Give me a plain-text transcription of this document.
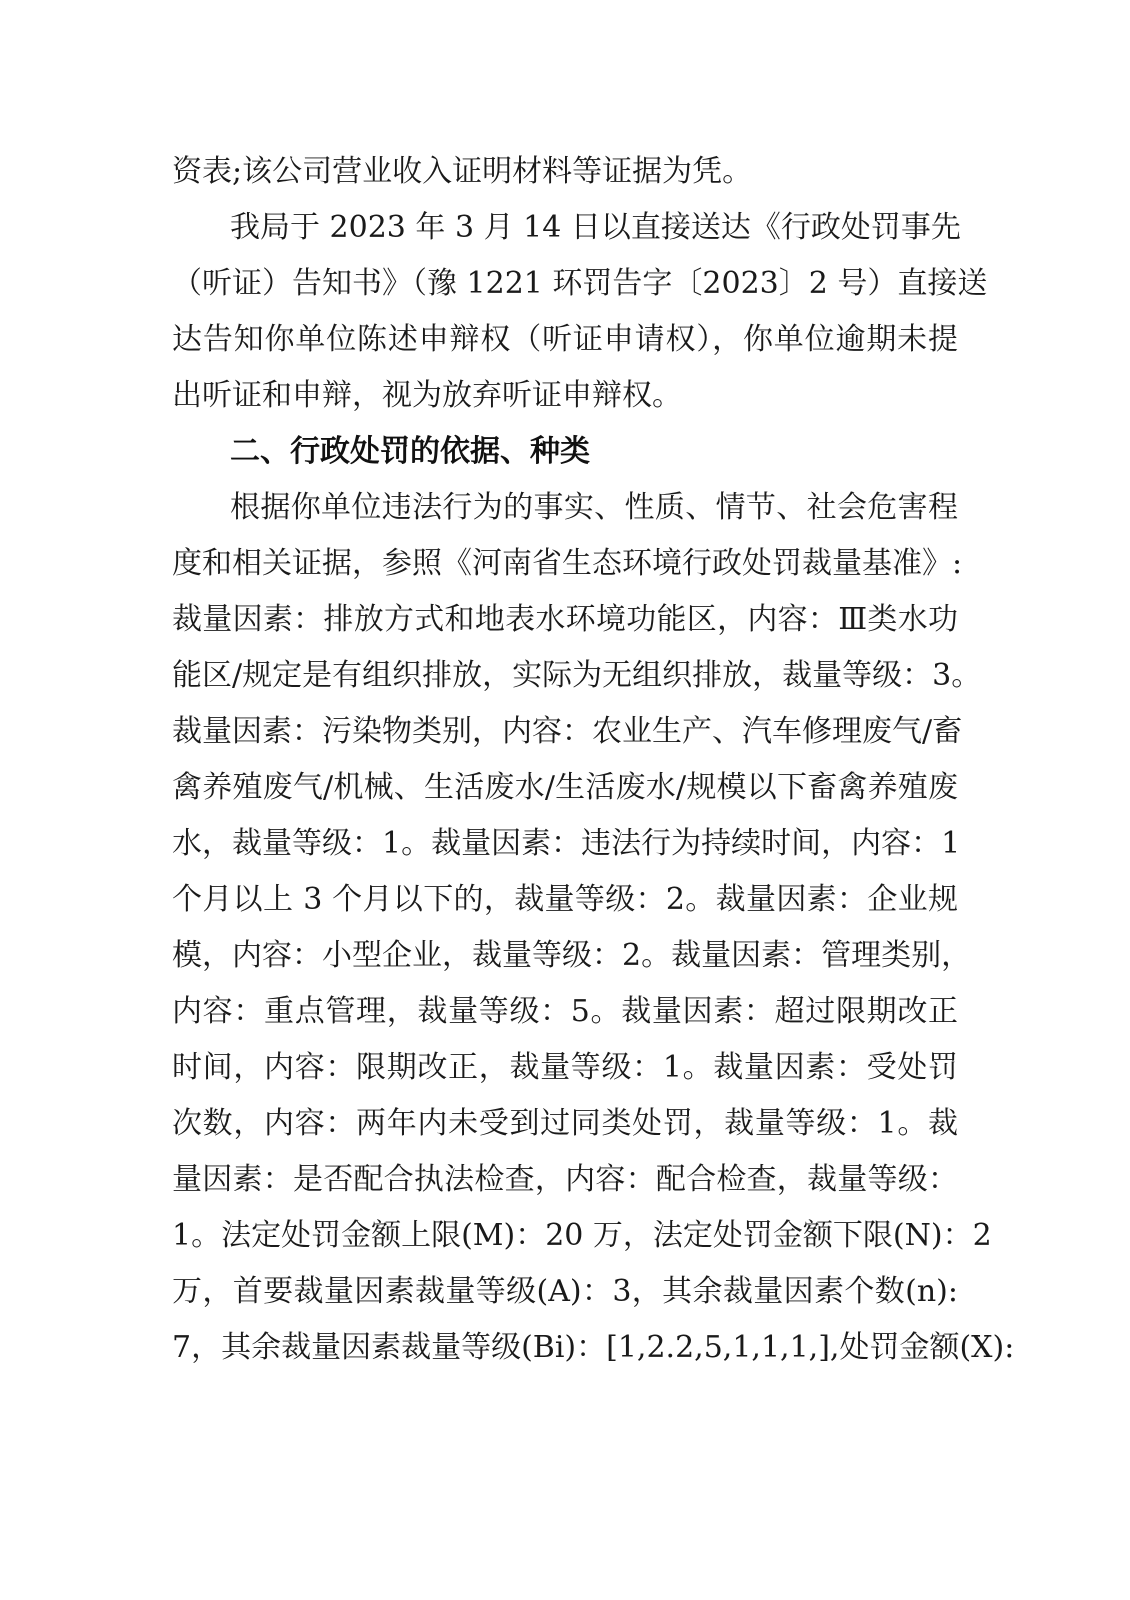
资表;该公司营业收入证明材料等证据为凭。
我局于 2023 年 3 月 14 日以直接送达《行政处罚事先
（听证）告知书》（豫 1221 环罚告字〔2023〕2 号）直接送
达告知你单位陈述申辩权（听证申请权），你单位逾期未提
出听证和申辩，视为放弃听证申辩权。
二、行政处罚的依据、种类
根据你单位违法行为的事实、性质、情节、社会危害程
度和相关证据，参照《河南省生态环境行政处罚裁量基准》:
裁量因素：排放方式和地表水环境功能区，内容：Ⅲ类水功
能区/规定是有组织排放，实际为无组织排放，裁量等级：3。
裁量因素：污染物类别，内容：农业生产、汽车修理废气/畜
禽养殖废气/机械、生活废水/生活废水/规模以下畜禽养殖废
水，裁量等级：1。裁量因素：违法行为持续时间，内容：1
个月以上 3 个月以下的，裁量等级：2。裁量因素：企业规
模，内容：小型企业，裁量等级：2。裁量因素：管理类别，
内容：重点管理，裁量等级：5。裁量因素：超过限期改正
时间，内容：限期改正，裁量等级：1。裁量因素：受处罚
次数，内容：两年内未受到过同类处罚，裁量等级：1。裁
量因素：是否配合执法检查，内容：配合检查，裁量等级：
1。法定处罚金额上限(M)：20 万，法定处罚金额下限(N)：2
万，首要裁量因素裁量等级(A)：3，其余裁量因素个数(n):
7，其余裁量因素裁量等级(Bi)：[1,2.2,5,1,1,1,],处罚金额(X):
